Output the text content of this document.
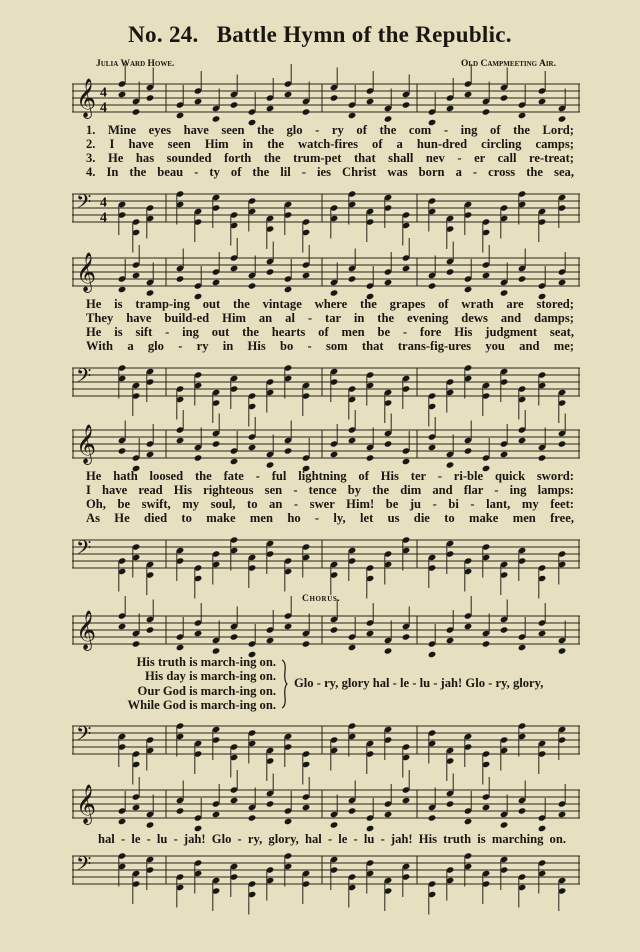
No. 24. Battle Hymn of the Republic.
Julia Ward Howe.	Old Campmeeting Air.
𝄞 4
4
1. Mine eyes have seen the glo - ry of the com - ing of the Lord;
2. I have seen Him in the watch-fires of a hun-dred circling camps;
3. He has sounded forth the trum-pet that shall nev - er call re-treat;
4. In the beau - ty of the lil - ies Christ was born a - cross the sea,
𝄢 4
4
𝄞
He is tramp-ing out the vintage where the grapes of wrath are stored;
They have build-ed Him an al - tar in the evening dews and damps;
He is sift - ing out the hearts of men be - fore His judgment seat,
With a glo - ry in His bo - som that trans-fig-ures you and me;
𝄢
𝄞
He hath loosed the fate - ful lightning of His ter - ri-ble quick sword:
I have read His righteous sen - tence by the dim and flar - ing lamps:
Oh, be swift, my soul, to an - swer Him! be ju - bi - lant, my feet:
As He died to make men ho - ly, let us die to make men free,
𝄢
Chorus.
𝄞
His truth is march-ing on.
His day is march-ing on.
Our God is march-ing on.
While God is march-ing on.
Glo - ry, glory hal - le - lu - jah! Glo - ry, glory,
𝄢
𝄞
hal - le - lu - jah! Glo - ry, glory, hal - le - lu - jah! His truth is marching on.
𝄢
